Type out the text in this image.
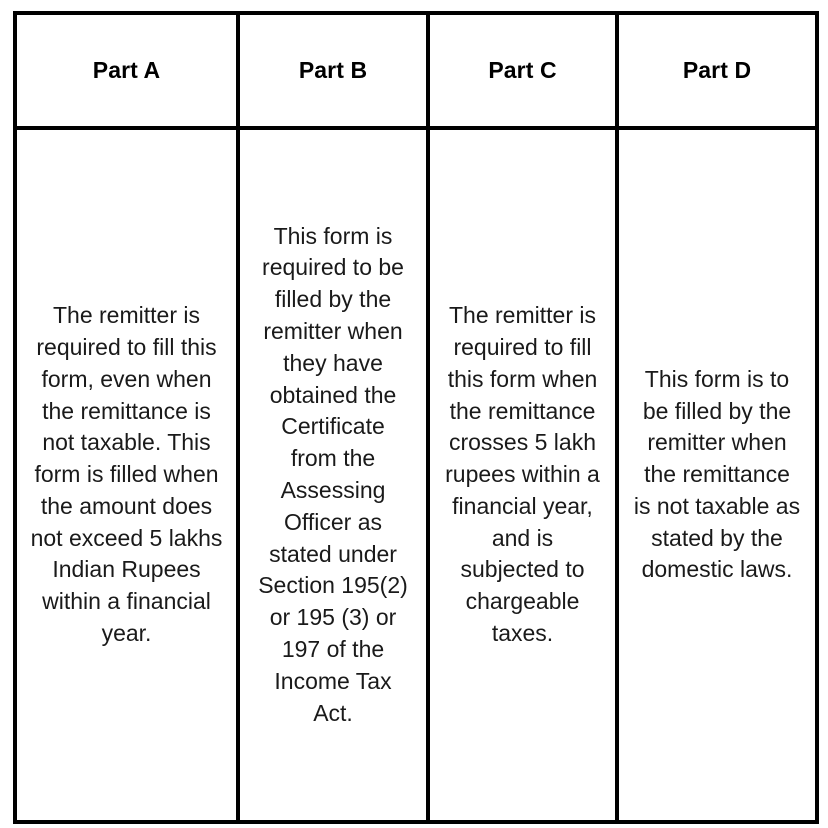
Part A	Part B	Part C	Part D

The remitter is required to fill this form, even when the remittance is not taxable. This form is filled when the amount does not exceed 5 lakhs Indian Rupees within a financial year.	This form is required to be filled by the remitter when they have obtained the Certificate from the Assessing Officer as stated under Section 195(2) or 195 (3) or 197 of the Income Tax Act.	The remitter is required to fill this form when the remittance crosses 5 lakh rupees within a financial year, and is subjected to chargeable taxes.	This form is to be filled by the remitter when the remittance is not taxable as stated by the domestic laws.
